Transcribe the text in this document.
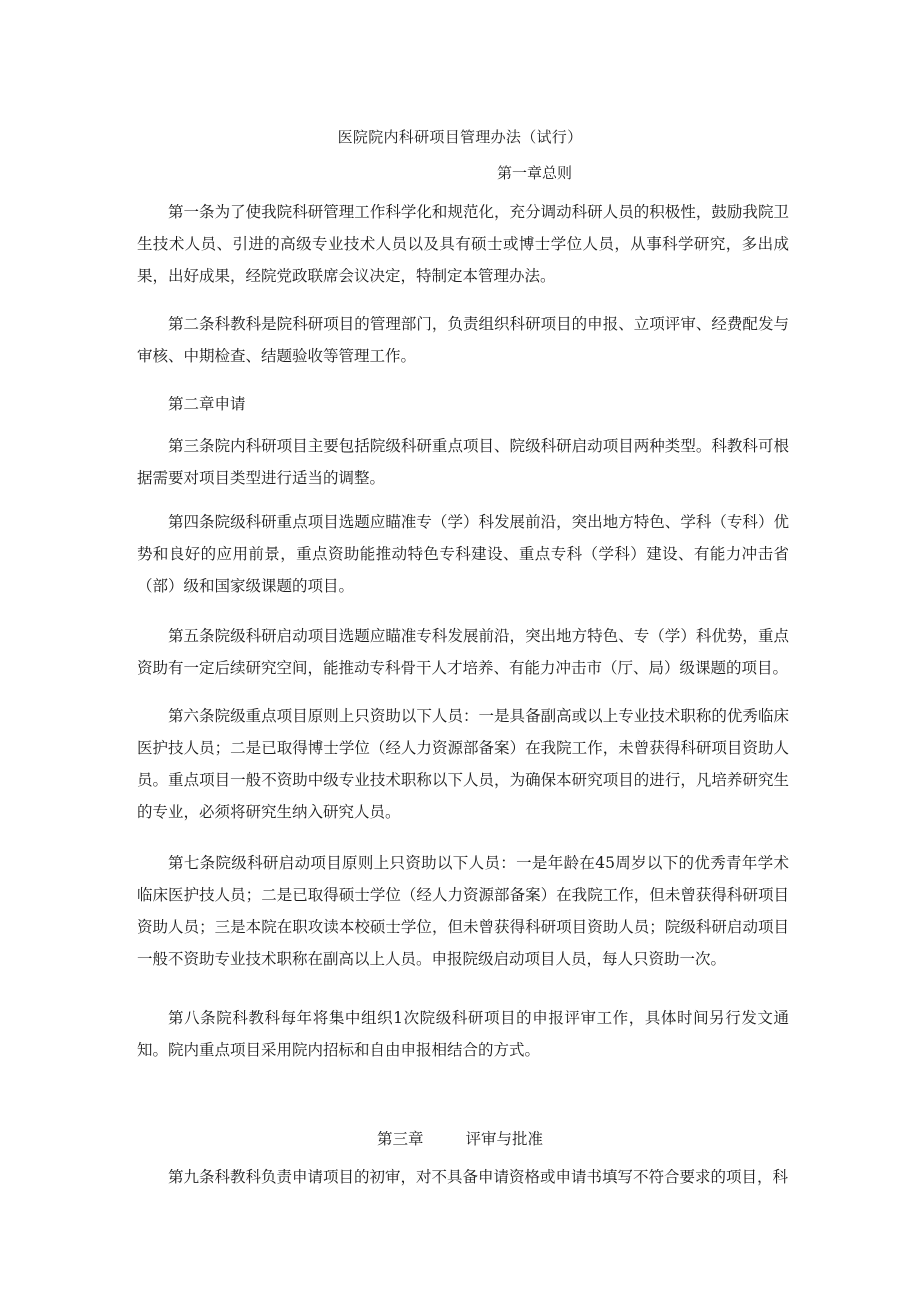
医院院内科研项目管理办法（试行）
第一章总则

第一条为了使我院科研管理工作科学化和规范化，充分调动科研人员的积极性，鼓励我院卫生技术人员、引进的高级专业技术人员以及具有硕士或博士学位人员，从事科学研究，多出成果，出好成果，经院党政联席会议决定，特制定本管理办法。

第二条科教科是院科研项目的管理部门，负责组织科研项目的申报、立项评审、经费配发与审核、中期检查、结题验收等管理工作。

第二章申请

第三条院内科研项目主要包括院级科研重点项目、院级科研启动项目两种类型。科教科可根据需要对项目类型进行适当的调整。

第四条院级科研重点项目选题应瞄准专（学）科发展前沿，突出地方特色、学科（专科）优势和良好的应用前景，重点资助能推动特色专科建设、重点专科（学科）建设、有能力冲击省（部）级和国家级课题的项目。

第五条院级科研启动项目选题应瞄准专科发展前沿，突出地方特色、专（学）科优势，重点资助有一定后续研究空间，能推动专科骨干人才培养、有能力冲击市（厅、局）级课题的项目。

第六条院级重点项目原则上只资助以下人员：一是具备副高或以上专业技术职称的优秀临床医护技人员；二是已取得博士学位（经人力资源部备案）在我院工作，未曾获得科研项目资助人员。重点项目一般不资助中级专业技术职称以下人员，为确保本研究项目的进行，凡培养研究生的专业，必须将研究生纳入研究人员。

第七条院级科研启动项目原则上只资助以下人员：一是年龄在45周岁以下的优秀青年学术临床医护技人员；二是已取得硕士学位（经人力资源部备案）在我院工作，但未曾获得科研项目资助人员；三是本院在职攻读本校硕士学位，但未曾获得科研项目资助人员；院级科研启动项目一般不资助专业技术职称在副高以上人员。申报院级启动项目人员，每人只资助一次。

第八条院科教科每年将集中组织1次院级科研项目的申报评审工作，具体时间另行发文通知。院内重点项目采用院内招标和自由申报相结合的方式。

第三章	评审与批准

第九条科教科负责申请项目的初审，对不具备申请资格或申请书填写不符合要求的项目，科
